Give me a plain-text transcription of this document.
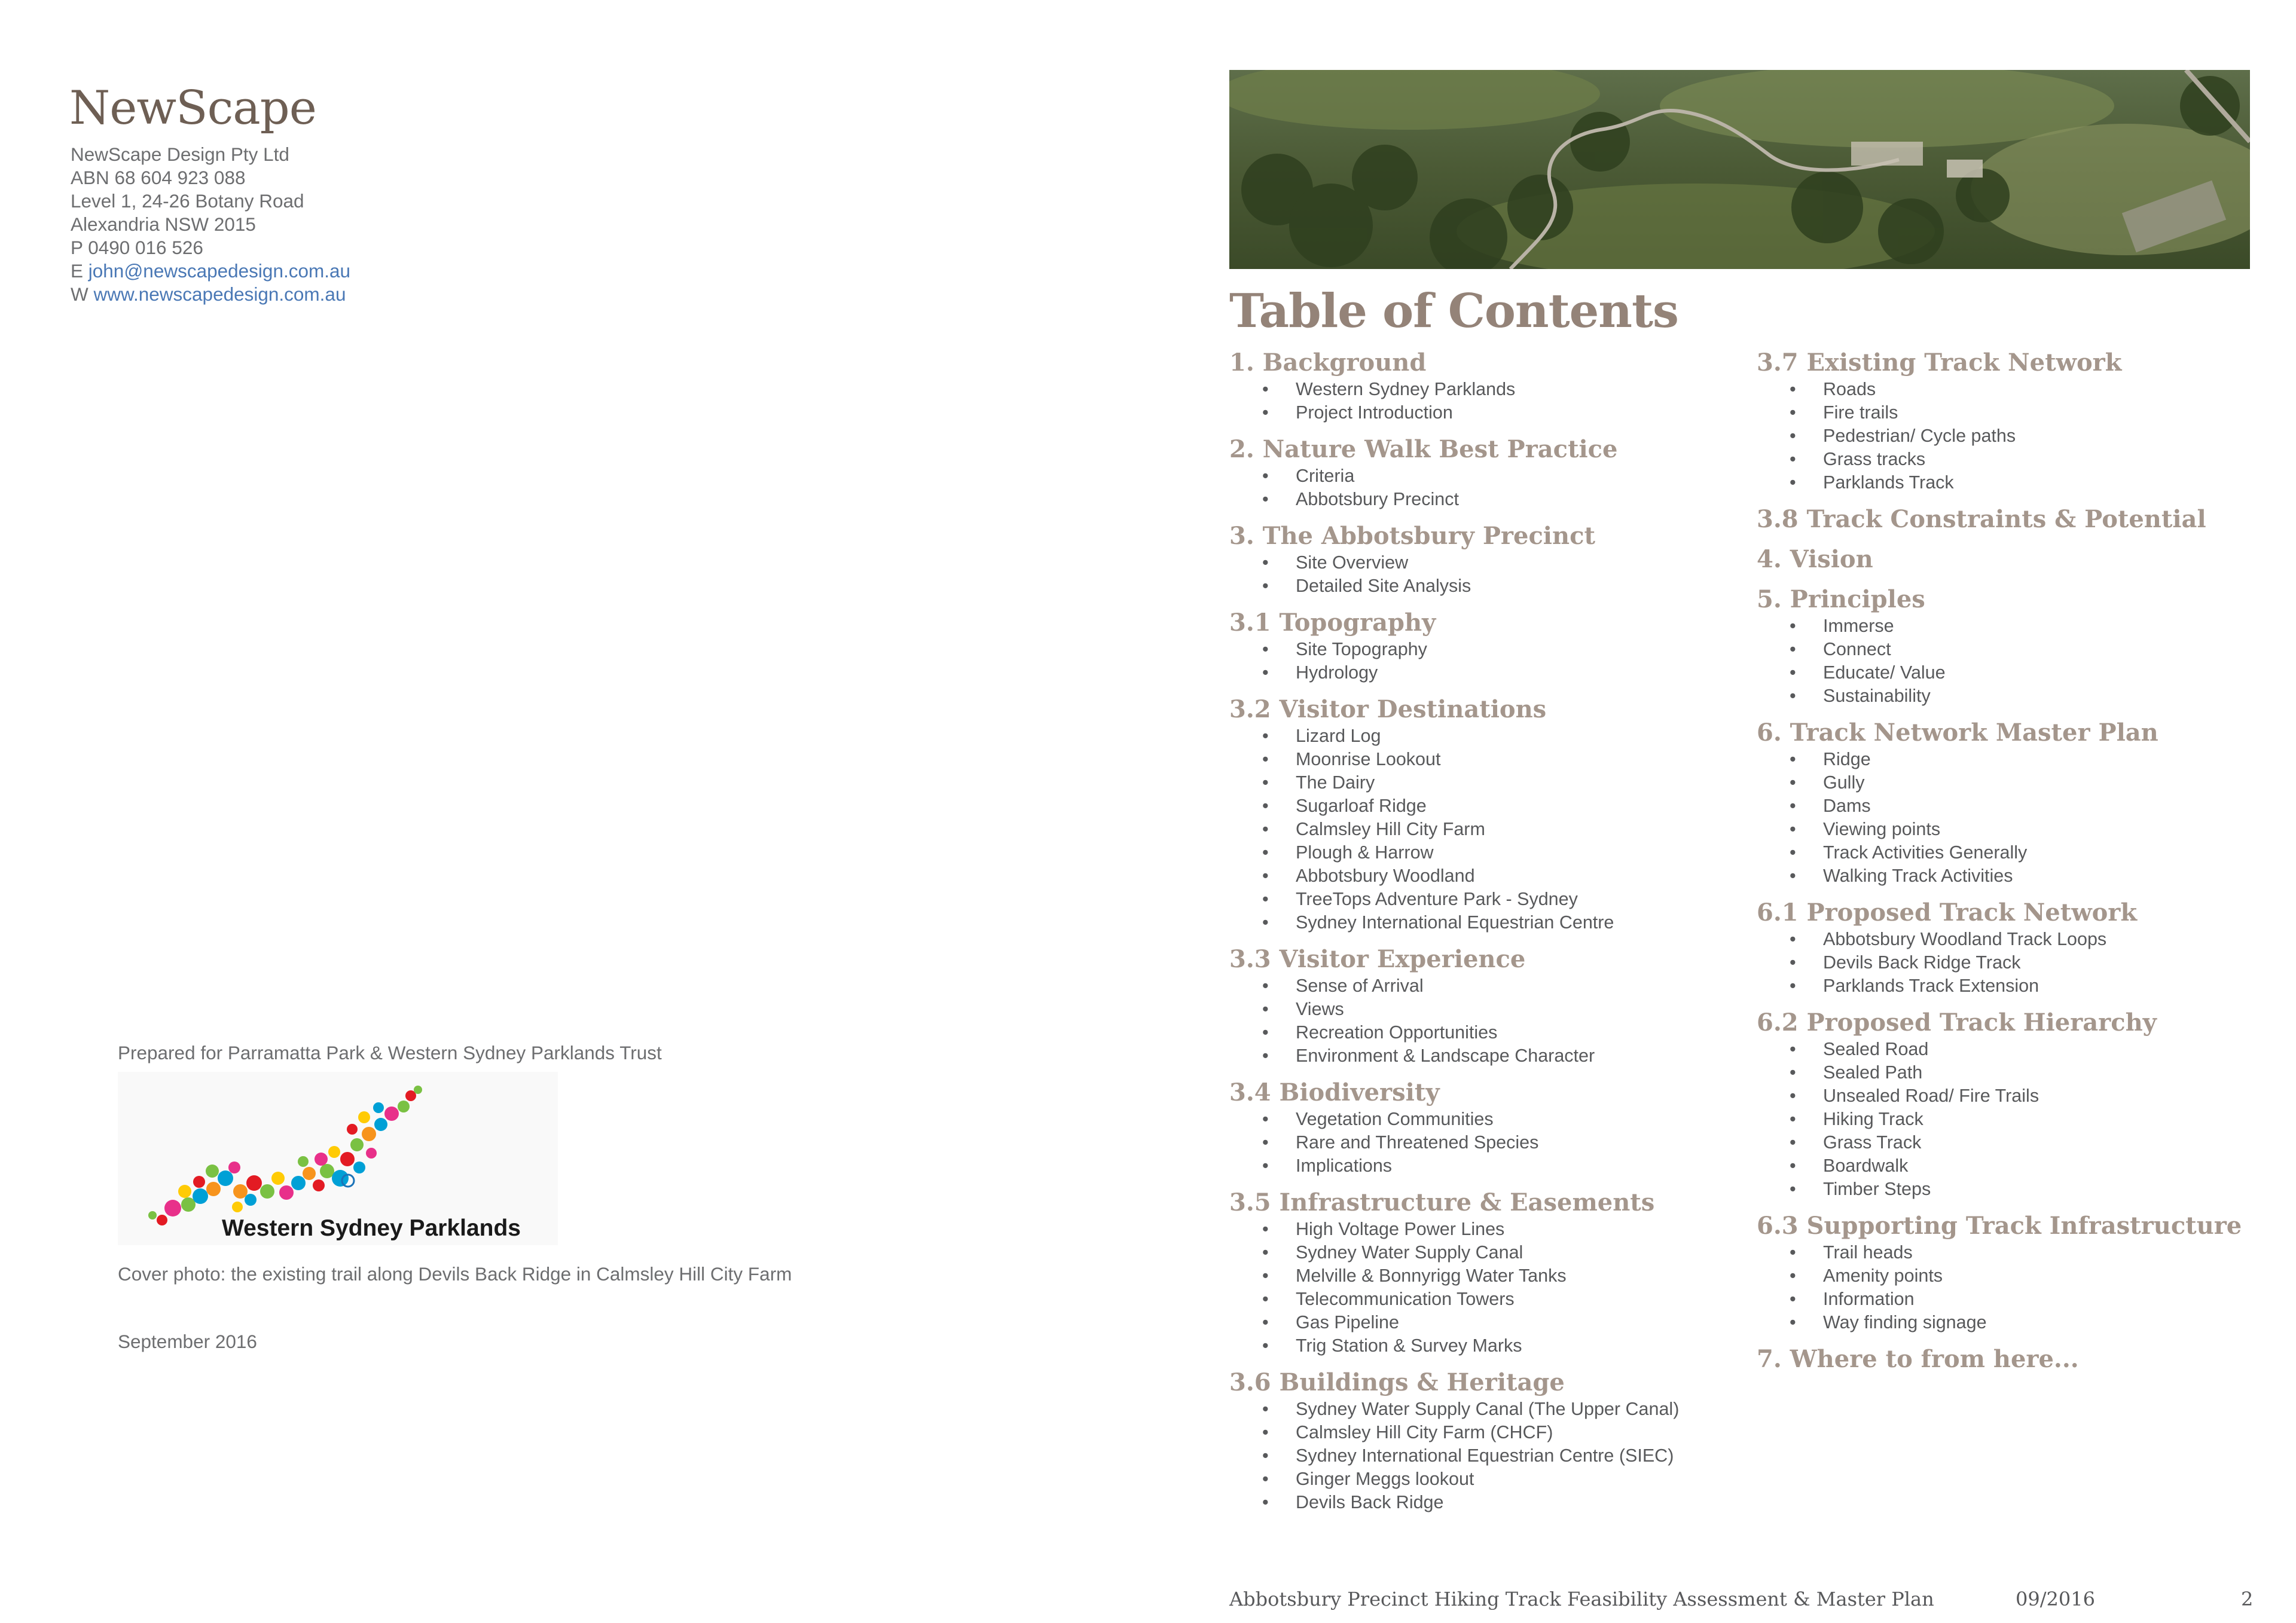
NewScape
NewScape Design Pty Ltd
ABN 68 604 923 088
Level 1, 24-26 Botany Road
Alexandria NSW 2015
P 0490 016 526
E john@newscapedesign.com.au
W www.newscapedesign.com.au
Prepared for Parramatta Park & Western Sydney Parklands Trust
Western Sydney Parklands
Cover photo: the existing trail along Devils Back Ridge in Calmsley Hill City Farm
September 2016
Table of Contents
1. Background
• Western Sydney Parklands
• Project Introduction
2. Nature Walk Best Practice
• Criteria
• Abbotsbury Precinct
3. The Abbotsbury Precinct
• Site Overview
• Detailed Site Analysis
3.1 Topography
• Site Topography
• Hydrology
3.2 Visitor Destinations
• Lizard Log
• Moonrise Lookout
• The Dairy
• Sugarloaf Ridge
• Calmsley Hill City Farm
• Plough & Harrow
• Abbotsbury Woodland
• TreeTops Adventure Park - Sydney
• Sydney International Equestrian Centre
3.3 Visitor Experience
• Sense of Arrival
• Views
• Recreation Opportunities
• Environment & Landscape Character
3.4 Biodiversity
• Vegetation Communities
• Rare and Threatened Species
• Implications
3.5 Infrastructure & Easements
• High Voltage Power Lines
• Sydney Water Supply Canal
• Melville & Bonnyrigg Water Tanks
• Telecommunication Towers
• Gas Pipeline
• Trig Station & Survey Marks
3.6 Buildings & Heritage
• Sydney Water Supply Canal (The Upper Canal)
• Calmsley Hill City Farm (CHCF)
• Sydney International Equestrian Centre (SIEC)
• Ginger Meggs lookout
• Devils Back Ridge
3.7 Existing Track Network
• Roads
• Fire trails
• Pedestrian/ Cycle paths
• Grass tracks
• Parklands Track
3.8 Track Constraints & Potential
4. Vision
5. Principles
• Immerse
• Connect
• Educate/ Value
• Sustainability
6. Track Network Master Plan
• Ridge
• Gully
• Dams
• Viewing points
• Track Activities Generally
• Walking Track Activities
6.1 Proposed Track Network
• Abbotsbury Woodland Track Loops
• Devils Back Ridge Track
• Parklands Track Extension
6.2 Proposed Track Hierarchy
• Sealed Road
• Sealed Path
• Unsealed Road/ Fire Trails
• Hiking Track
• Grass Track
• Boardwalk
• Timber Steps
6.3 Supporting Track Infrastructure
• Trail heads
• Amenity points
• Information
• Way finding signage
7. Where to from here...
Abbotsbury Precinct Hiking Track Feasibility Assessment & Master Plan	09/2016	2
